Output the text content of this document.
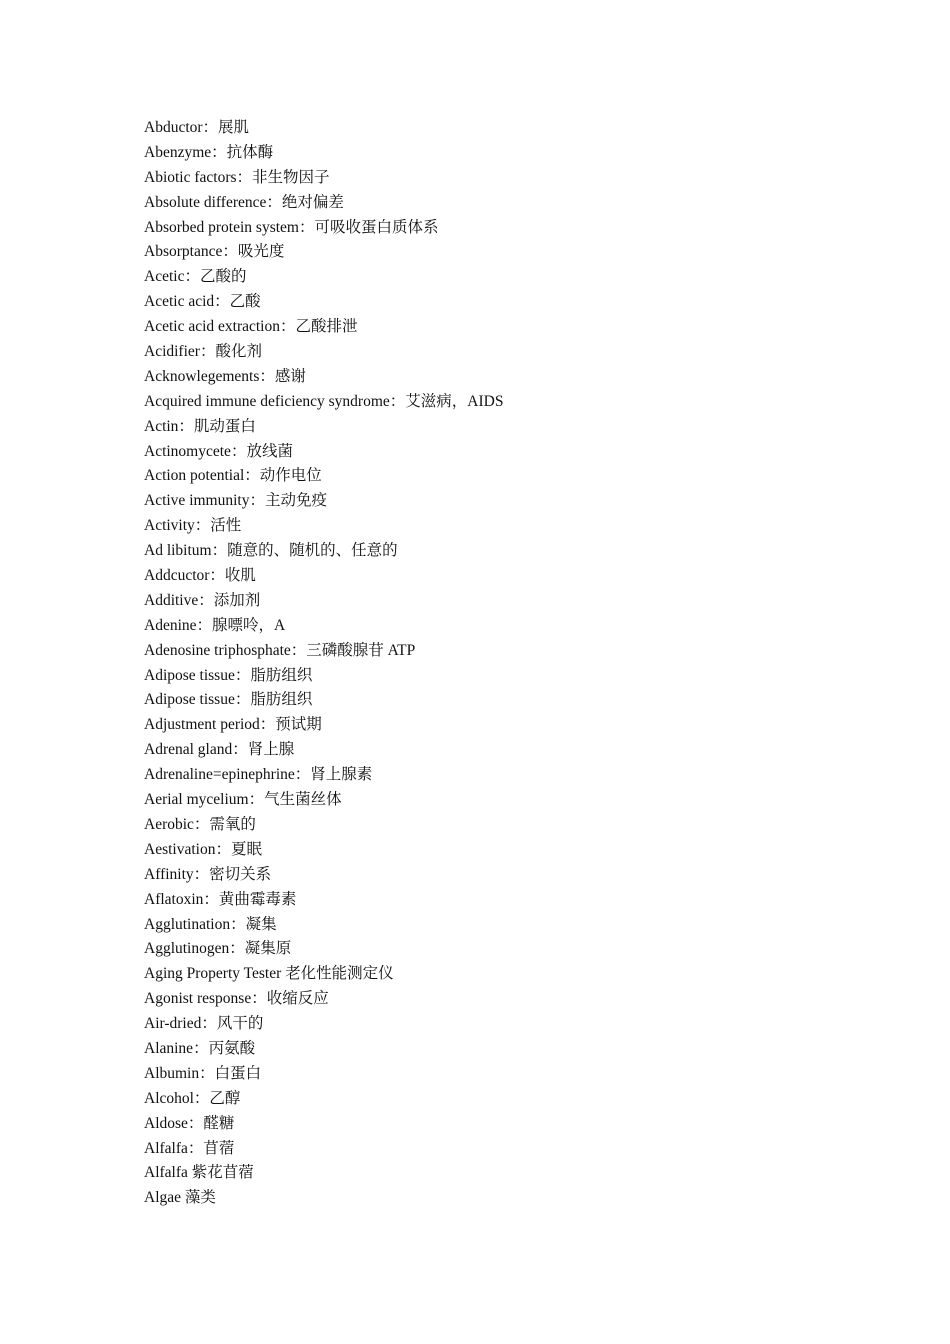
Abductor：展肌
Abenzyme：抗体酶
Abiotic factors：非生物因子
Absolute difference：绝对偏差
Absorbed protein system：可吸收蛋白质体系
Absorptance：吸光度
Acetic：乙酸的
Acetic acid：乙酸
Acetic acid extraction：乙酸排泄
Acidifier：酸化剂
Acknowlegements：感谢
Acquired immune deficiency syndrome：艾滋病，AIDS
Actin：肌动蛋白
Actinomycete：放线菌
Action potential：动作电位
Active immunity：主动免疫
Activity：活性
Ad libitum：随意的、随机的、任意的
Addcuctor：收肌
Additive：添加剂
Adenine：腺嘌呤，A
Adenosine triphosphate：三磷酸腺苷 ATP
Adipose tissue：脂肪组织
Adipose tissue：脂肪组织
Adjustment period：预试期
Adrenal gland：肾上腺
Adrenaline=epinephrine：肾上腺素
Aerial mycelium：气生菌丝体
Aerobic：需氧的
Aestivation：夏眠
Affinity：密切关系
Aflatoxin：黄曲霉毒素
Agglutination：凝集
Agglutinogen：凝集原
Aging Property Tester 老化性能测定仪
Agonist response：收缩反应
Air-dried：风干的
Alanine：丙氨酸
Albumin：白蛋白
Alcohol：乙醇
Aldose：醛糖
Alfalfa：苜蓿
Alfalfa 紫花苜蓿
Algae 藻类
